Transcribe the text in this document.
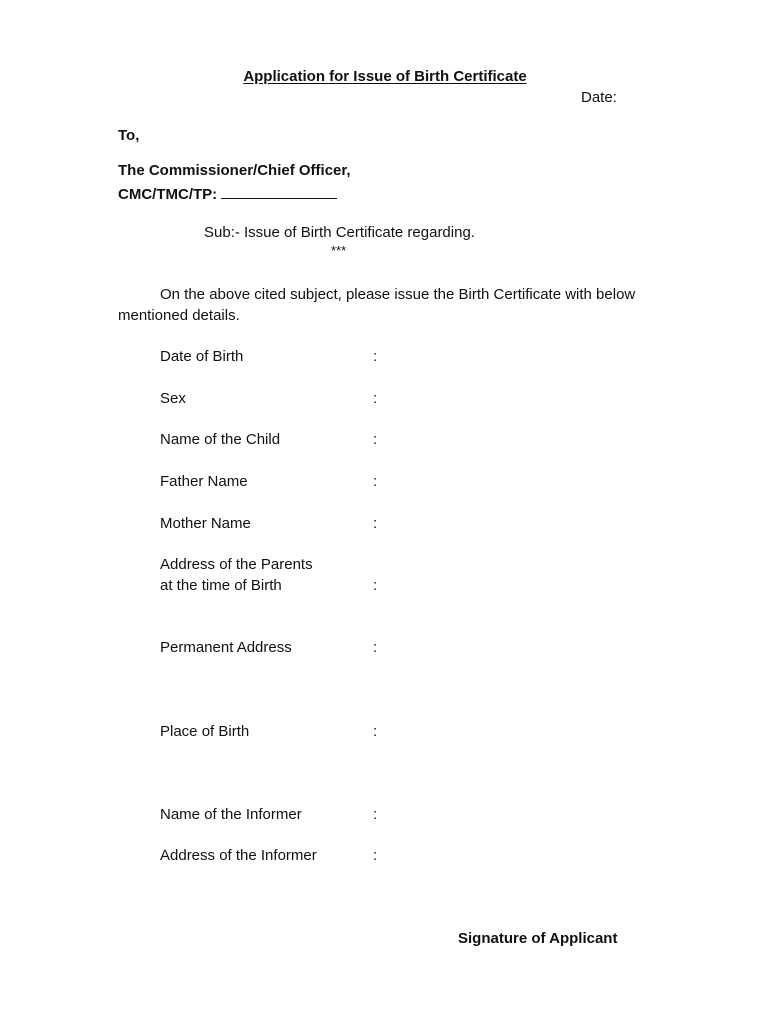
Application for Issue of Birth Certificate
Date:
To,
The Commissioner/Chief Officer,
CMC/TMC/TP:
Sub:- Issue of Birth Certificate regarding.
***
On the above cited subject, please issue the Birth Certificate with below
mentioned details.
Date of Birth	:
Sex	:
Name of the Child	:
Father Name	:
Mother Name	:
Address of the Parents
at the time of Birth	:
Permanent Address	:
Place of Birth	:
Name of the Informer	:
Address of the Informer	:
Signature of Applicant
